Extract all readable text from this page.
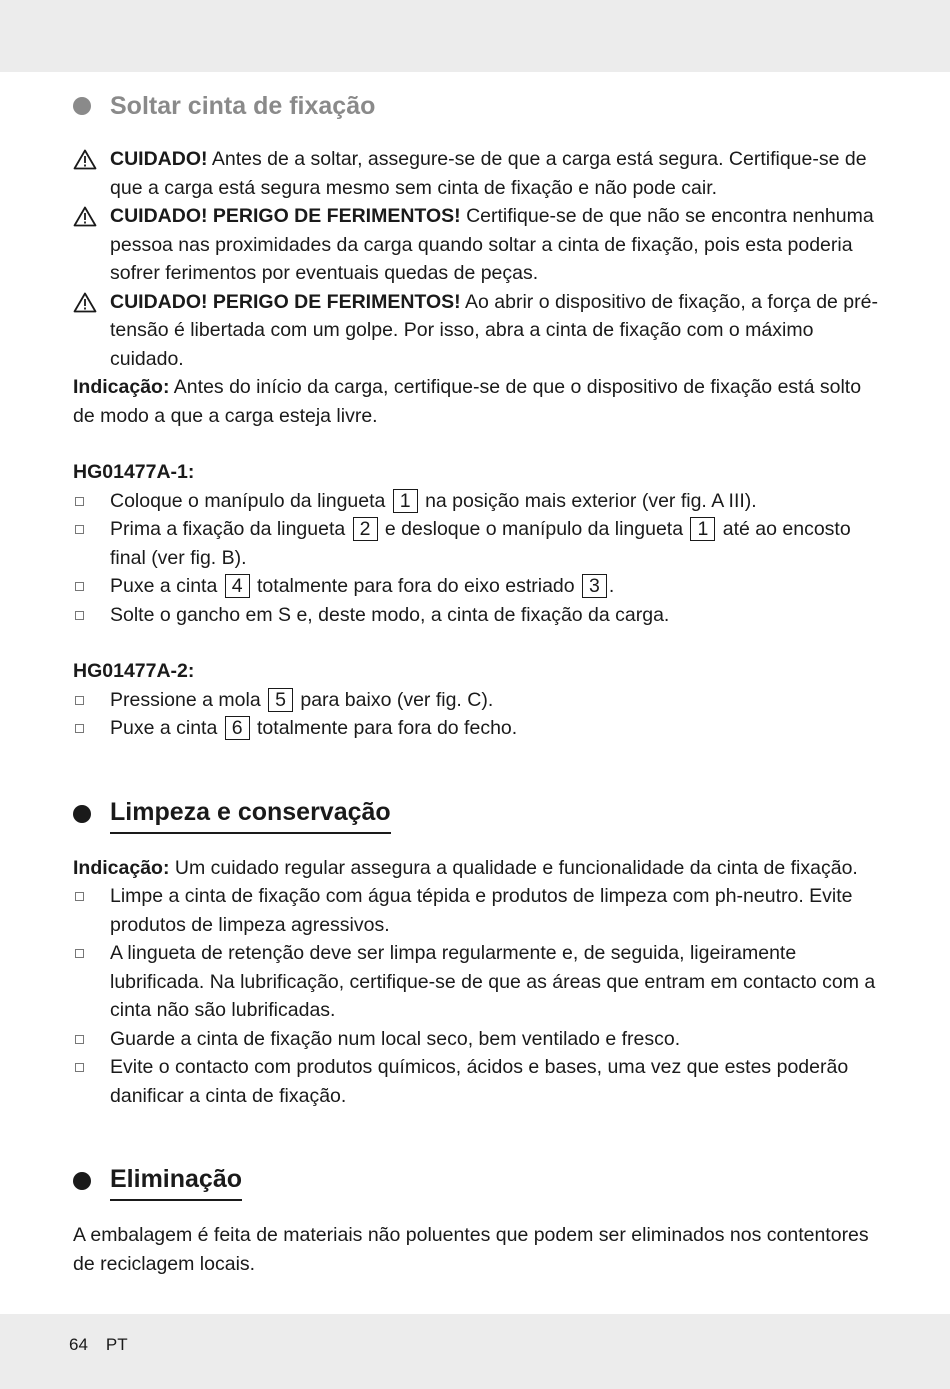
Soltar cinta de fixação
CUIDADO! Antes de a soltar, assegure-se de que a carga está segura. Certifique-se de que a carga está segura mesmo sem cinta de fixação e não pode cair.
CUIDADO! PERIGO DE FERIMENTOS! Certifique-se de que não se encontra nenhuma pessoa nas proximidades da carga quando soltar a cinta de fixação, pois esta poderia sofrer ferimentos por eventuais quedas de peças.
CUIDADO! PERIGO DE FERIMENTOS! Ao abrir o dispositivo de fixação, a força de pré-tensão é libertada com um golpe. Por isso, abra a cinta de fixação com o máximo cuidado.
Indicação: Antes do início da carga, certifique-se de que o dispositivo de fixação está solto de modo a que a carga esteja livre.
HG01477A-1:
Coloque o manípulo da lingueta 1 na posição mais exterior (ver fig. A III).
Prima a fixação da lingueta 2 e desloque o manípulo da lingueta 1 até ao encosto final (ver fig. B).
Puxe a cinta 4 totalmente para fora do eixo estriado 3 .
Solte o gancho em S e, deste modo, a cinta de fixação da carga.
HG01477A-2:
Pressione a mola 5 para baixo (ver fig. C).
Puxe a cinta 6 totalmente para fora do fecho.
Limpeza e conservação
Indicação: Um cuidado regular assegura a qualidade e funcionalidade da cinta de fixação.
Limpe a cinta de fixação com água tépida e produtos de limpeza com ph-neutro. Evite produtos de limpeza agressivos.
A lingueta de retenção deve ser limpa regularmente e, de seguida, ligeiramente lubrificada. Na lubrificação, certifique-se de que as áreas que entram em contacto com a cinta não são lubrificadas.
Guarde a cinta de fixação num local seco, bem ventilado e fresco.
Evite o contacto com produtos químicos, ácidos e bases, uma vez que estes poderão danificar a cinta de fixação.
Eliminação
A embalagem é feita de materiais não poluentes que podem ser eliminados nos contentores de reciclagem locais.
64 PT
